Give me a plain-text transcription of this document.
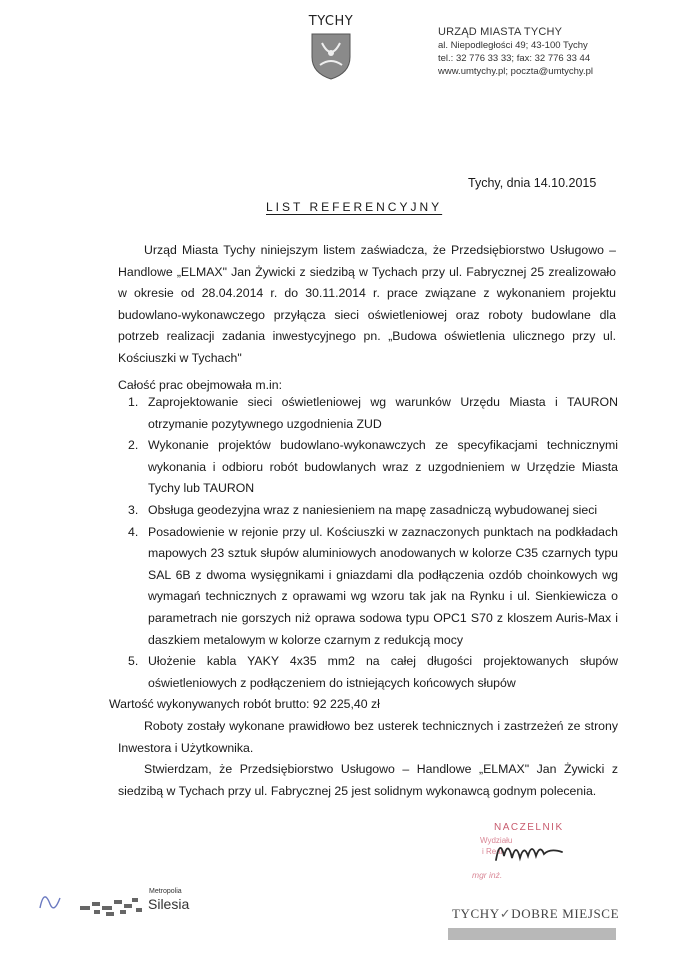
TYCHY
URZĄD MIASTA TYCHY
al. Niepodległości 49; 43-100 Tychy
tel.: 32 776 33 33; fax: 32 776 33 44
www.umtychy.pl; poczta@umtychy.pl
Tychy, dnia 14.10.2015
LIST REFERENCYJNY

Urząd Miasta Tychy niniejszym listem zaświadcza, że Przedsiębiorstwo Usługowo – Handlowe „ELMAX" Jan Żywicki z siedzibą w Tychach przy ul. Fabrycznej 25 zrealizowało w okresie od 28.04.2014 r. do 30.11.2014 r. prace związane z wykonaniem projektu budowlano-wykonawczego przyłącza sieci oświetleniowej oraz roboty budowlane dla potrzeb realizacji zadania inwestycyjnego pn. „Budowa oświetlenia ulicznego przy ul. Kościuszki w Tychach"

Całość prac obejmowała m.in:
1. Zaprojektowanie sieci oświetleniowej wg warunków Urzędu Miasta i TAURON otrzymanie pozytywnego uzgodnienia ZUD
2. Wykonanie projektów budowlano-wykonawczych ze specyfikacjami technicznymi wykonania i odbioru robót budowlanych wraz z uzgodnieniem w Urzędzie Miasta Tychy lub TAURON
3. Obsługa geodezyjna wraz z naniesieniem na mapę zasadniczą wybudowanej sieci
4. Posadowienie w rejonie przy ul. Kościuszki w zaznaczonych punktach na podkładach mapowych 23 sztuk słupów aluminiowych anodowanych w kolorze C35 czarnych typu SAL 6B z dwoma wysięgnikami i gniazdami dla podłączenia ozdób choinkowych wg wymagań technicznych z oprawami wg wzoru tak jak na Rynku i ul. Sienkiewicza o parametrach nie gorszych niż oprawa sodowa typu OPC1 S70 z kloszem Auris-Max i daszkiem metalowym w kolorze czarnym z redukcją mocy
5. Ułożenie kabla YAKY 4x35 mm2 na całej długości projektowanych słupów oświetleniowych z podłączeniem do istniejących końcowych słupów
Wartość wykonywanych robót brutto: 92 225,40 zł

Roboty zostały wykonane prawidłowo bez usterek technicznych i zastrzeżeń ze strony Inwestora i Użytkownika.

Stwierdzam, że Przedsiębiorstwo Usługowo – Handlowe „ELMAX" Jan Żywicki z siedzibą w Tychach przy ul. Fabrycznej 25 jest solidnym wykonawcą godnym polecenia.

NACZELNIK
Wydziału
i Real
mgr inż.
Metropolia
Silesia
TYCHY✓DOBRE MIEJSCE
